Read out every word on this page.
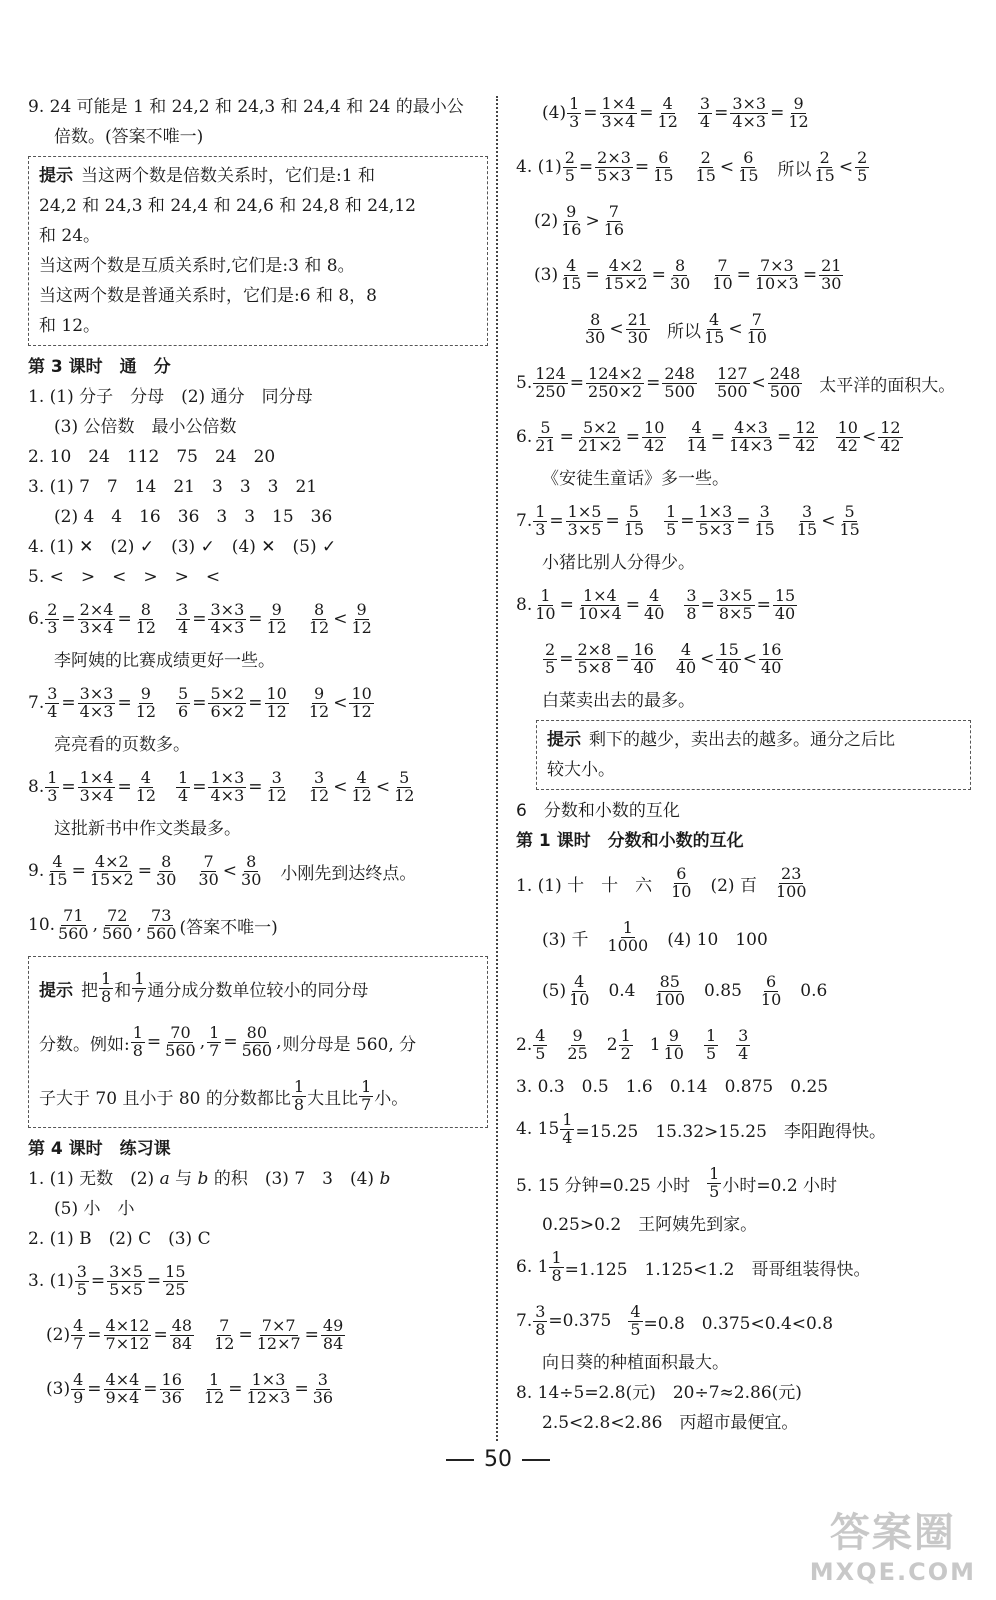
9. 24 可能是 1 和 24,2 和 24,3 和 24,4 和 24 的最小公
倍数。(答案不唯一)
提示 当这两个数是倍数关系时，它们是:1 和
24,2 和 24,3 和 24,4 和 24,6 和 24,8 和 24,12
和 24。
当这两个数是互质关系时,它们是:3 和 8。
当这两个数是普通关系时，它们是:6 和 8，8
和 12。
第 3 课时　通　分
1. (1) 分子　分母　(2) 通分　同分母
(3) 公倍数　最小公倍数
2. 10　24　112　75　24　20
3. (1) 7　7　14　21　3　3　3　21
(2) 4　4　16　36　3　3　15　36
4. (1) ✕　(2) ✓　(3) ✓　(4) ✕　(5) ✓
5. <　>　<　>　>　<
6. $\frac{2}{3} = \frac{2\times 4}{3\times 4} = \frac{8}{12} \frac{3}{4} = \frac{3\times 3}{4\times 3} = \frac{9}{12} \frac{8}{12} < \frac{9}{12}$
李阿姨的比赛成绩更好一些。
7. $\frac{3}{4} = \frac{3\times 3}{4\times 3} = \frac{9}{12} \frac{5}{6} = \frac{5\times 2}{6\times 2} = \frac{10}{12} \frac{9}{12} < \frac{10}{12}$
亮亮看的页数多。
8. $\frac{1}{3} = \frac{1\times 4}{3\times 4} = \frac{4}{12} \frac{1}{4} = \frac{1\times 3}{4\times 3} = \frac{3}{12} \frac{3}{12} < \frac{4}{12} < \frac{5}{12}$
这批新书中作文类最多。
9. $\frac{4}{15} = \frac{4\times 2}{15\times 2} = \frac{8}{30} \frac{7}{30} < \frac{8}{30}$ 小刚先到达终点。
10. $\frac{71}{560}$ , $\frac{72}{560}$ , $\frac{73}{560}$ (答案不唯一)
提示 把 $\frac{1}{8}$ 和 $\frac{1}{7}$ 通分成分数单位较小的同分母
分数。例如: $\frac{1}{8} = \frac{70}{560}$ , $\frac{1}{7} = \frac{80}{560}$ , 则分母是 560, 分
子大于 70 且小于 80 的分数都比 $\frac{1}{8}$ 大且比 $\frac{1}{7}$ 小。
第 4 课时　练习课
1. (1) 无数　(2) a 与 b 的积　(3) 7　3　(4) b
(5) 小　小
2. (1) B　(2) C　(3) C
3. $(1) \frac{3}{5} = \frac{3\times 5}{5\times 5} = \frac{15}{25}$
$(2) \frac{4}{7} = \frac{4\times 12}{7\times 12} = \frac{48}{84} \frac{7}{12} = \frac{7\times 7}{12\times 7} = \frac{49}{84}$
$(3) \frac{4}{9} = \frac{4\times 4}{9\times 4} = \frac{16}{36} \frac{1}{12} = \frac{1\times 3}{12\times 3} = \frac{3}{36}$
$(4) \frac{1}{3} = \frac{1\times 4}{3\times 4} = \frac{4}{12} \frac{3}{4} = \frac{3\times 3}{4\times 3} = \frac{9}{12}$
4. $(1) \frac{2}{5} = \frac{2\times 3}{5\times 3} = \frac{6}{15} \frac{2}{15} < \frac{6}{15}$ 所以 $\frac{2}{15} < \frac{2}{5}$
$(2) \frac{9}{16} > \frac{7}{16}$
$(3) \frac{4}{15} = \frac{4\times 2}{15\times 2} = \frac{8}{30} \frac{7}{10} = \frac{7\times 3}{10\times 3} = \frac{21}{30}$
$\frac{8}{30} < \frac{21}{30}$ 所以 $\frac{4}{15} < \frac{7}{10}$
5. $\frac{124}{250} = \frac{124\times 2}{250\times 2} = \frac{248}{500} \frac{127}{500} < \frac{248}{500}$ 太平洋的面积大。
6. $\frac{5}{21} = \frac{5\times 2}{21\times 2} = \frac{10}{42} \frac{4}{14} = \frac{4\times 3}{14\times 3} = \frac{12}{42} \frac{10}{42} < \frac{12}{42}$
《安徒生童话》多一些。
7. $\frac{1}{3} = \frac{1\times 5}{3\times 5} = \frac{5}{15} \frac{1}{5} = \frac{1\times 3}{5\times 3} = \frac{3}{15} \frac{3}{15} < \frac{5}{15}$
小猪比别人分得少。
8. $\frac{1}{10} = \frac{1\times 4}{10\times 4} = \frac{4}{40} \frac{3}{8} = \frac{3\times 5}{8\times 5} = \frac{15}{40}$
$\frac{2}{5} = \frac{2\times 8}{5\times 8} = \frac{16}{40} \frac{4}{40} < \frac{15}{40} < \frac{16}{40}$
白菜卖出去的最多。
提示 剩下的越少，卖出去的越多。通分之后比
较大小。
6　分数和小数的互化
第 1 课时　分数和小数的互化
1. (1) 十　十　六 $\frac{6}{10} (2)$ 百 $\frac{23}{100}$
(3) 千 $\frac{1}{1000} (4)$ 10　100
$(5) \frac{4}{10} 0.4 \frac{85}{100} 0.85 \frac{6}{10} 0.6$
2. $\frac{4}{5} \frac{9}{25} 2 \frac{1}{2} 1 \frac{9}{10} \frac{1}{5} \frac{3}{4}$
3. 0.3　0.5　1.6　0.14　0.875　0.25
4. $15 \frac{1}{4} =15.25$　15.32>15.25　李阳跑得快。
5. 15 分钟=0.25 小时 $\frac{1}{5}$ 小时=0.2 小时
0.25>0.2　王阿姨先到家。
6. $1 \frac{1}{8} =1.125$　1.125<1.2　哥哥组装得快。
7. $\frac{3}{8} =0.375 \frac{4}{5} =0.8$　0.375<0.4<0.8
向日葵的种植面积最大。
8. 14÷5=2.8(元)　20÷7≈2.86(元)
2.5<2.8<2.86　丙超市最便宜。
50
答案圈
MXQE.COM
